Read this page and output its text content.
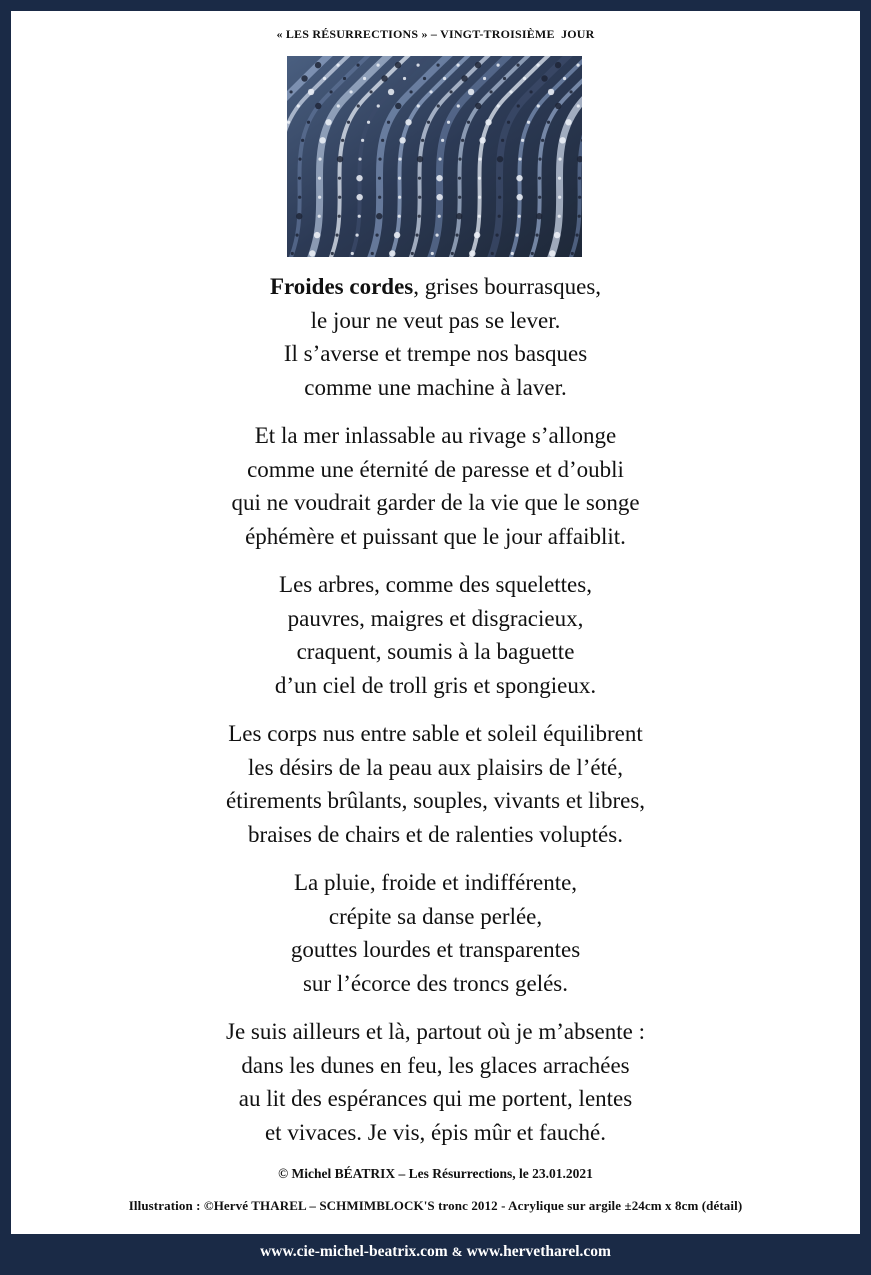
« LES RÉSURRECTIONS » – VINGT-TROISIÈME  JOUR
Froides cordes, grises bourrasques,
le jour ne veut pas se lever.
Il s’averse et trempe nos basques
comme une machine à laver.
Et la mer inlassable au rivage s’allonge
comme une éternité de paresse et d’oubli
qui ne voudrait garder de la vie que le songe
éphémère et puissant que le jour affaiblit.
Les arbres, comme des squelettes,
pauvres, maigres et disgracieux,
craquent, soumis à la baguette
d’un ciel de troll gris et spongieux.
Les corps nus entre sable et soleil équilibrent
les désirs de la peau aux plaisirs de l’été,
étirements brûlants, souples, vivants et libres,
braises de chairs et de ralenties voluptés.
La pluie, froide et indifférente,
crépite sa danse perlée,
gouttes lourdes et transparentes
sur l’écorce des troncs gelés.
Je suis ailleurs et là, partout où je m’absente :
dans les dunes en feu, les glaces arrachées
au lit des espérances qui me portent, lentes
et vivaces. Je vis, épis mûr et fauché.
© Michel BÉATRIX – Les Résurrections, le 23.01.2021
Illustration : ©Hervé THAREL – SCHMIMBLOCK'S tronc 2012 - Acrylique sur argile ±24cm x 8cm (détail)
www.cie-michel-beatrix.com & www.hervetharel.com
